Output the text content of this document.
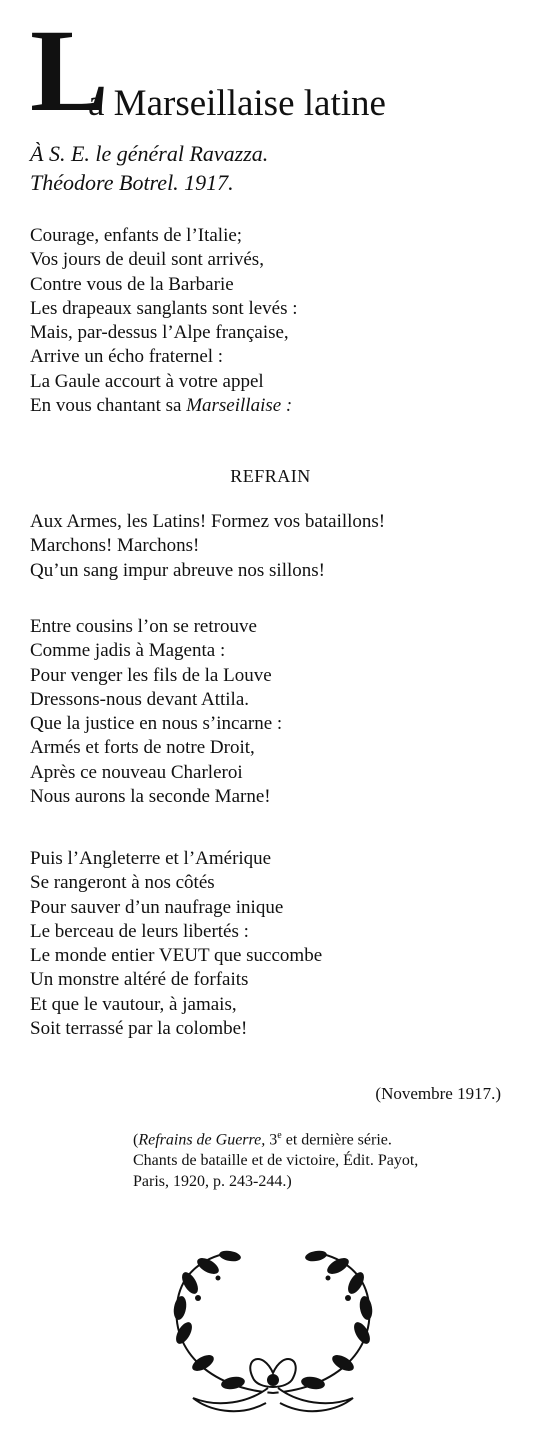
L
a Marseillaise latine
À S. E. le général Ravazza.
Théodore Botrel. 1917.
Courage, enfants de l’Italie;
Vos jours de deuil sont arrivés,
Contre vous de la Barbarie
Les drapeaux sanglants sont levés :
Mais, par-dessus l’Alpe française,
Arrive un écho fraternel :
La Gaule accourt à votre appel
En vous chantant sa Marseillaise :
REFRAIN
Aux Armes, les Latins! Formez vos bataillons!
Marchons! Marchons!
Qu’un sang impur abreuve nos sillons!
Entre cousins l’on se retrouve
Comme jadis à Magenta :
Pour venger les fils de la Louve
Dressons-nous devant Attila.
Que la justice en nous s’incarne :
Armés et forts de notre Droit,
Après ce nouveau Charleroi
Nous aurons la seconde Marne!
Puis l’Angleterre et l’Amérique
Se rangeront à nos côtés
Pour sauver d’un naufrage inique
Le berceau de leurs libertés :
Le monde entier VEUT que succombe
Un monstre altéré de forfaits
Et que le vautour, à jamais,
Soit terrassé par la colombe!
(Novembre 1917.)
(Refrains de Guerre, 3e et dernière série.
Chants de bataille et de victoire, Édit. Payot,
Paris, 1920, p. 243-244.)
